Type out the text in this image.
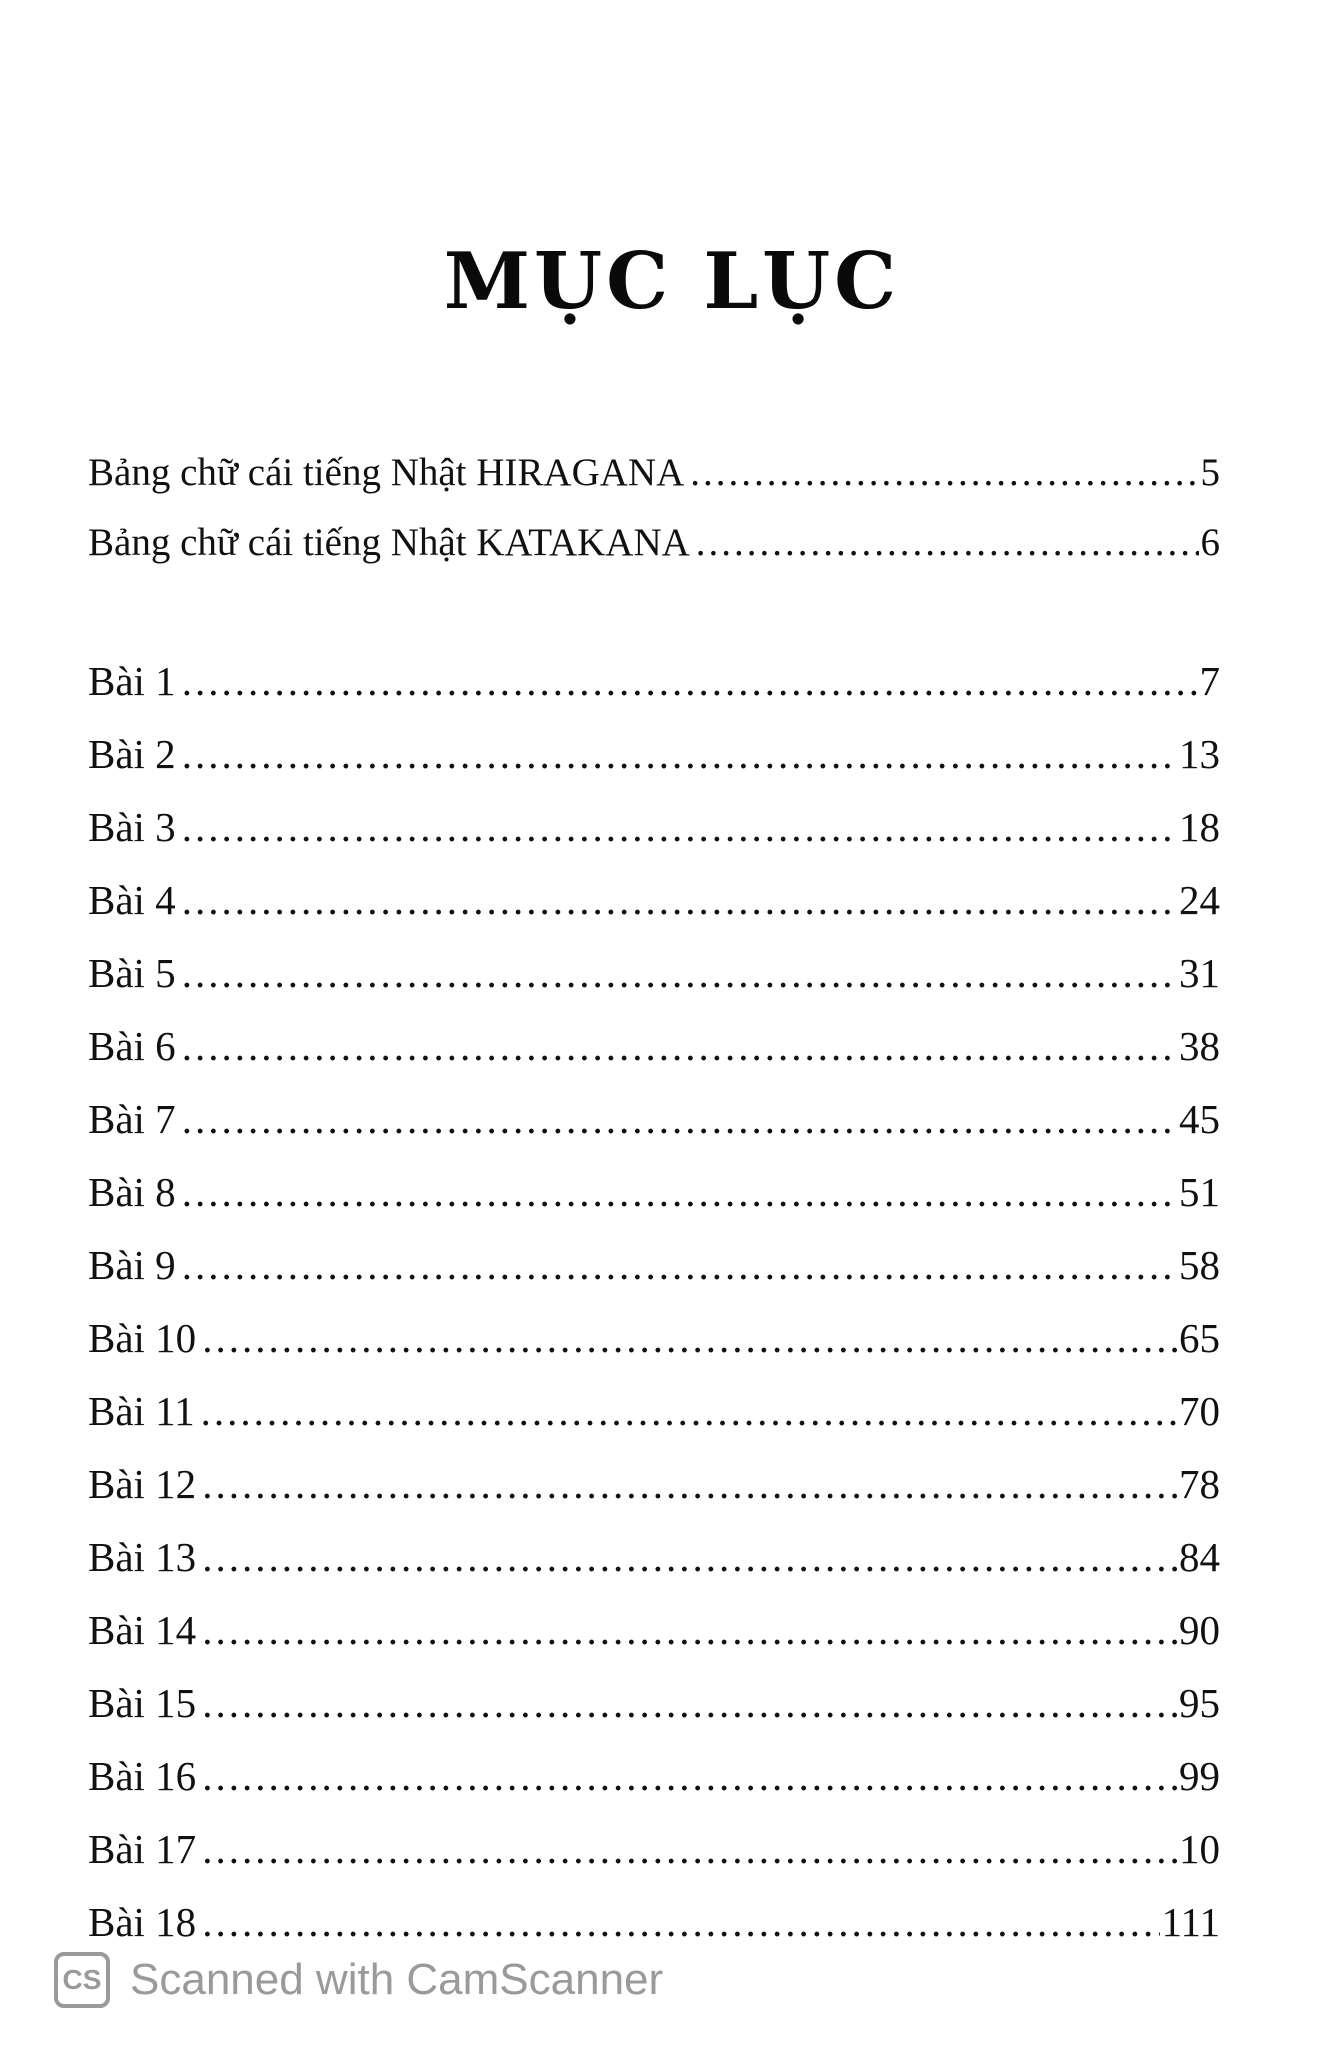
MỤC LỤC
Bảng chữ cái tiếng Nhật HIRAGANA .....	5
Bảng chữ cái tiếng Nhật KATAKANA .....	6
Bài 1 .....	7
Bài 2 .....	13
Bài 3 .....	18
Bài 4 .....	24
Bài 5 .....	31
Bài 6 .....	38
Bài 7 .....	45
Bài 8 .....	51
Bài 9 .....	58
Bài 10 .....	65
Bài 11 .....	70
Bài 12 .....	78
Bài 13 .....	84
Bài 14 .....	90
Bài 15 .....	95
Bài 16 .....	99
Bài 17 .....	10
Bài 18 .....	111
CS Scanned with CamScanner
